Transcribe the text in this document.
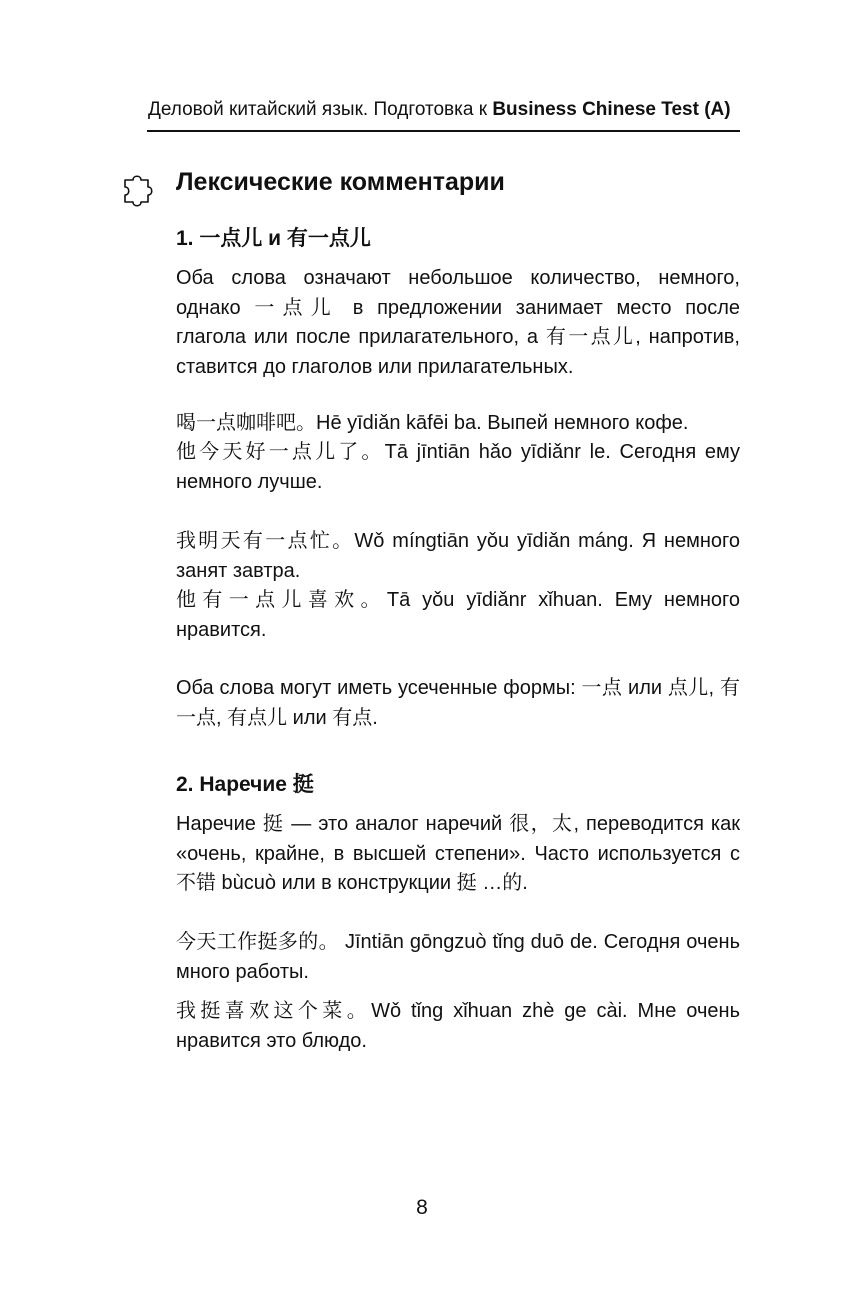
Деловой китайский язык. Подготовка к Business Chinese Test (A)
Лексические комментарии
1. 一点儿 и 有一点儿
Оба слова означают небольшое количество, немного, однако 一点儿 в предложении занимает место после глагола или после прилагательного, а 有一点儿, напротив, ставится до глаголов или прилагательных.
喝一点咖啡吧。Hē yīdiǎn kāfēi ba. Выпей немного кофе.
他今天好一点儿了。Tā jīntiān hǎo yīdiǎnr le. Сегодня ему немного лучше.
我明天有一点忙。Wǒ míngtiān yǒu yīdiǎn máng. Я немного занят завтра.
他有一点儿喜欢。Tā yǒu yīdiǎnr xǐhuan. Ему немного нравится.
Оба слова могут иметь усеченные формы: 一点 или 点儿, 有一点, 有点儿 или 有点.
2. Наречие 挺
Наречие 挺 — это аналог наречий 很，太, переводится как «очень, крайне, в высшей степени». Часто используется с 不错 bùcuò или в конструкции 挺 …的.
今天工作挺多的。 Jīntiān gōngzuò tǐng duō de. Сегодня очень много работы.
我挺喜欢这个菜。Wǒ tǐng xǐhuan zhè ge cài. Мне очень нравится это блюдо.
8
